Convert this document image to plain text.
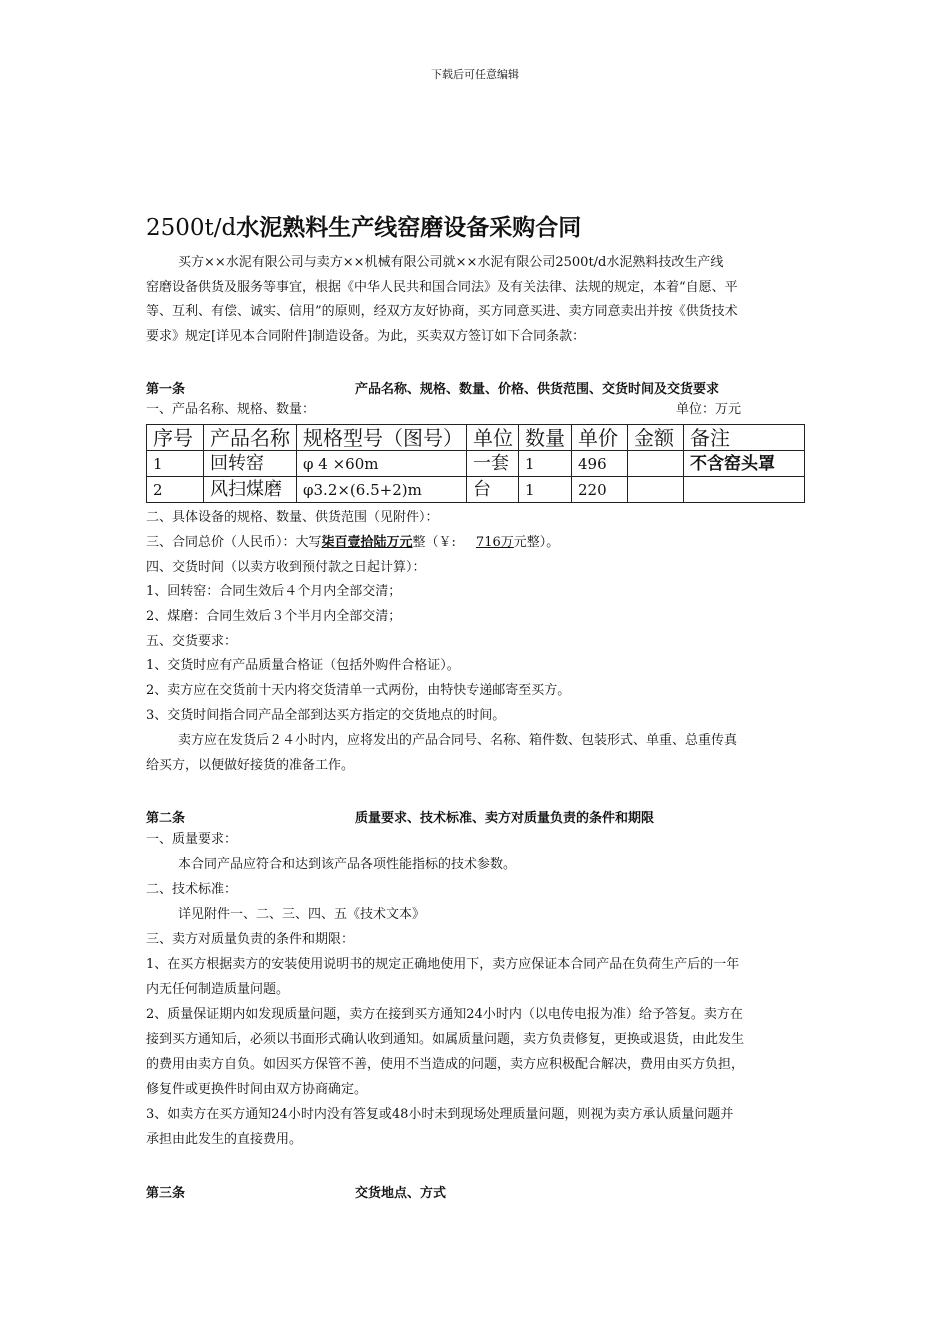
下载后可任意编辑
2500t/d水泥熟料生产线窑磨设备采购合同
买方××水泥有限公司与卖方××机械有限公司就××水泥有限公司2500t/d水泥熟料技改生产线
窑磨设备供货及服务等事宜，根据《中华人民共和国合同法》及有关法律、法规的规定，本着“自愿、平
等、互利、有偿、诚实、信用”的原则，经双方友好协商，买方同意买进、卖方同意卖出并按《供货技术
要求》规定[详见本合同附件]制造设备。为此，买卖双方签订如下合同条款：
第一条	产品名称、规格、数量、价格、供货范围、交货时间及交货要求
一、产品名称、规格、数量：	单位：万元
序号	产品名称	规格型号（图号）	单位	数量	单价	金额	备注
1	回转窑	φ 4 ×60m	一套	1	496		不含窑头罩
2	风扫煤磨	φ3.2×(6.5+2)m	台	1	220		
二、具体设备的规格、数量、供货范围（见附件）：
三、合同总价（人民币）：大写柒百壹拾陆万元整（￥: 716万元整）。
四、交货时间（以卖方收到预付款之日起计算）：
1、回转窑：合同生效后４个月内全部交清；
2、煤磨：合同生效后３个半月内全部交清；
五、交货要求：
1、交货时应有产品质量合格证（包括外购件合格证）。
2、卖方应在交货前十天内将交货清单一式两份，由特快专递邮寄至买方。
3、交货时间指合同产品全部到达买方指定的交货地点的时间。
卖方应在发货后２４小时内，应将发出的产品合同号、名称、箱件数、包装形式、单重、总重传真
给买方，以便做好接货的准备工作。
第二条	质量要求、技术标准、卖方对质量负责的条件和期限
一、质量要求：
本合同产品应符合和达到该产品各项性能指标的技术参数。
二、技术标准：
详见附件一、二、三、四、五《技术文本》
三、卖方对质量负责的条件和期限：
1、在买方根据卖方的安装使用说明书的规定正确地使用下，卖方应保证本合同产品在负荷生产后的一年
内无任何制造质量问题。
2、质量保证期内如发现质量问题，卖方在接到买方通知24小时内（以电传电报为准）给予答复。卖方在
接到买方通知后，必须以书面形式确认收到通知。如属质量问题，卖方负责修复，更换或退货，由此发生
的费用由卖方自负。如因买方保管不善，使用不当造成的问题，卖方应积极配合解决，费用由买方负担，
修复件或更换件时间由双方协商确定。
3、如卖方在买方通知24小时内没有答复或48小时未到现场处理质量问题，则视为卖方承认质量问题并
承担由此发生的直接费用。
第三条	交货地点、方式
